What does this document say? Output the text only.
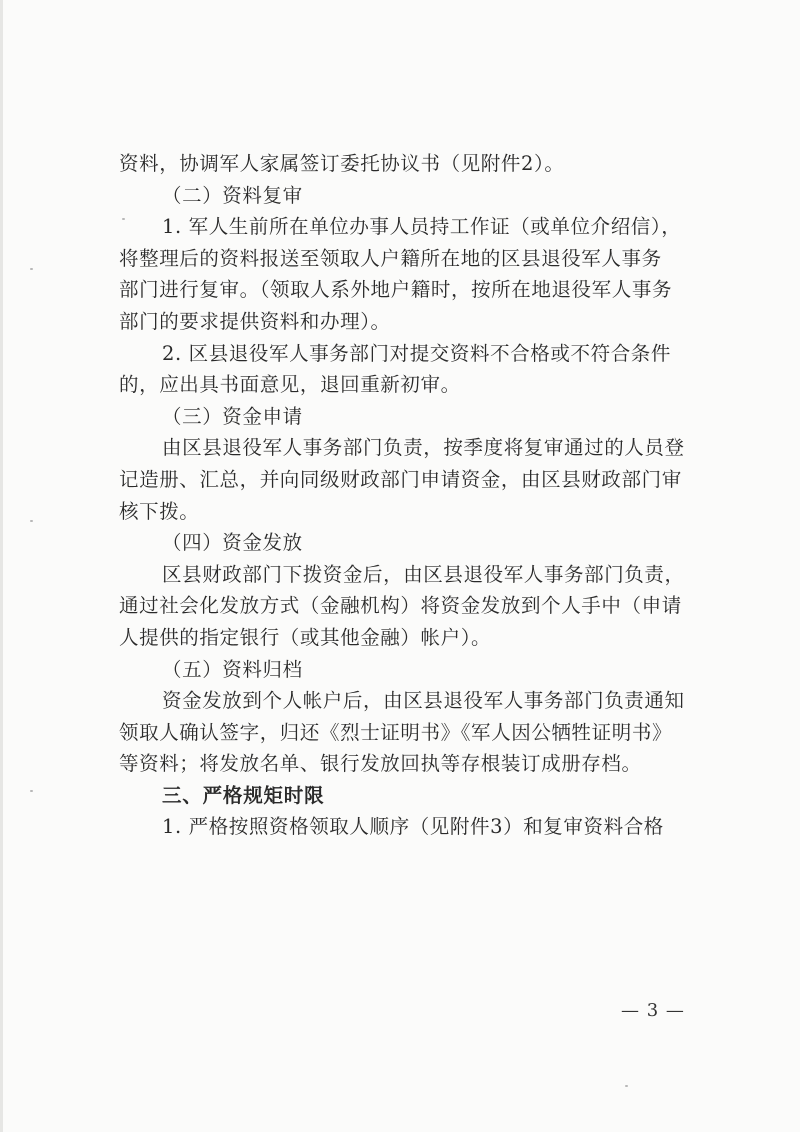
资料，协调军人家属签订委托协议书（见附件2）。
（二）资料复审
1. 军人生前所在单位办事人员持工作证（或单位介绍信），
将整理后的资料报送至领取人户籍所在地的区县退役军人事务
部门进行复审。（领取人系外地户籍时，按所在地退役军人事务
部门的要求提供资料和办理）。
2. 区县退役军人事务部门对提交资料不合格或不符合条件
的，应出具书面意见，退回重新初审。
（三）资金申请
由区县退役军人事务部门负责，按季度将复审通过的人员登
记造册、汇总，并向同级财政部门申请资金，由区县财政部门审
核下拨。
（四）资金发放
区县财政部门下拨资金后，由区县退役军人事务部门负责，
通过社会化发放方式（金融机构）将资金发放到个人手中（申请
人提供的指定银行（或其他金融）帐户）。
（五）资料归档
资金发放到个人帐户后，由区县退役军人事务部门负责通知
领取人确认签字，归还《烈士证明书》《军人因公牺牲证明书》
等资料；将发放名单、银行发放回执等存根装订成册存档。
三、严格规矩时限
1. 严格按照资格领取人顺序（见附件3）和复审资料合格
— 3 —
